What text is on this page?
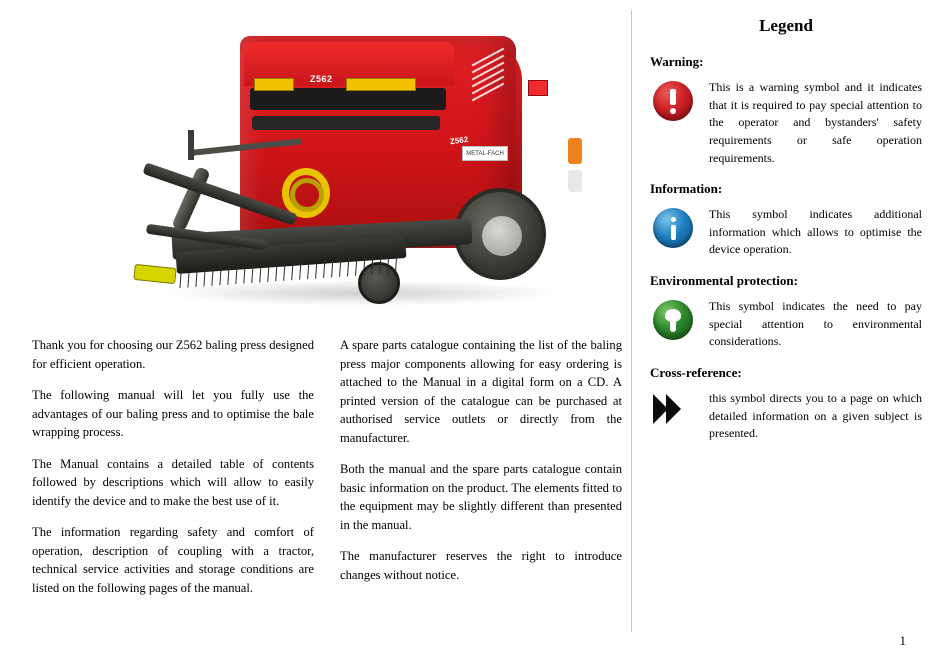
Z562
Z562
METAL-FACH

Thank you for choosing our Z562 baling press designed for efficient operation.

The following manual will let you fully use the advantages of our baling press and to optimise the bale wrapping process.

The Manual contains a detailed table of contents followed by descriptions which will allow to easily identify the device and to make the best use of it.

The information regarding safety and comfort of operation, description of coupling with a tractor, technical service activities and storage conditions are listed on the following pages of the manual.

A spare parts catalogue containing the list of the baling press major components allowing for easy ordering is attached to the Manual in a digital form on a CD. A printed version of the catalogue can be purchased at authorised service outlets or directly from the manufacturer.

Both the manual and the spare parts catalogue contain basic information on the product. The elements fitted to the equipment may be slightly different than presented in the manual.

The manufacturer reserves the right to introduce changes without notice.

Legend
Warning:
This is a warning symbol and it indicates that it is required to pay special attention to the operator and bystanders' safety requirements or safe operation requirements.
Information:
This symbol indicates additional information which allows to optimise the device operation.
Environmental protection:
This symbol indicates the need to pay special attention to environmental considerations.
Cross-reference:
this symbol directs you to a page on which detailed information on a given subject is presented.
1
